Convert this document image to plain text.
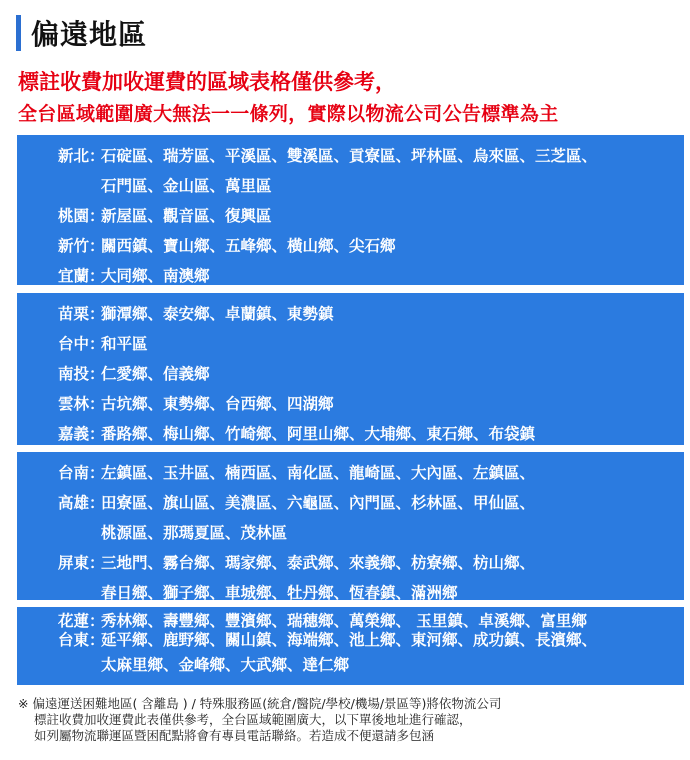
偏遠地區
標註收費加收運費的區域表格僅供參考，
全台區域範圍廣大無法一一條列，實際以物流公司公告標準為主
新北 ：
石碇區、瑞芳區、平溪區、雙溪區、貢寮區、坪林區、烏來區、三芝區、
石門區、金山區、萬里區
桃園 ：
新屋區、觀音區、復興區
新竹 ：
關西鎮、寶山鄉、五峰鄉、橫山鄉、尖石鄉
宜蘭 ：
大同鄉、南澳鄉
苗栗 ：
獅潭鄉、泰安鄉、卓蘭鎮、東勢鎮
台中 ：
和平區
南投 ：
仁愛鄉、信義鄉
雲林 ：
古坑鄉、東勢鄉、台西鄉、四湖鄉
嘉義 ：
番路鄉、梅山鄉、竹崎鄉、阿里山鄉、大埔鄉、東石鄉、布袋鎮
台南 ：
左鎮區、玉井區、楠西區、南化區、龍崎區、大內區、左鎮區、
高雄 ：
田寮區、旗山區、美濃區、六龜區、內門區、杉林區、甲仙區、
桃源區、那瑪夏區、茂林區
屏東 ：
三地門、霧台鄉、瑪家鄉、泰武鄉、來義鄉、枋寮鄉、枋山鄉、
春日鄉、獅子鄉、車城鄉、牡丹鄉、恆春鎮、滿洲鄉
花蓮 ：
秀林鄉、壽豐鄉、豐濱鄉、瑞穗鄉、萬榮鄉、 玉里鎮、卓溪鄉、富里鄉
台東 ：
延平鄉、鹿野鄉、關山鎮、海端鄉、池上鄉、東河鄉、成功鎮、長濱鄉、
太麻里鄉、金峰鄉、大武鄉、達仁鄉
※ 偏遠運送困難地區( 含離島 ) / 特殊服務區(統倉/醫院/學校/機場/景區等)將依物流公司
標註收費加收運費此表僅供參考，全台區域範圍廣大，以下單後地址進行確認，
如列屬物流聯運區暨困配點將會有專員電話聯絡。若造成不便還請多包涵
